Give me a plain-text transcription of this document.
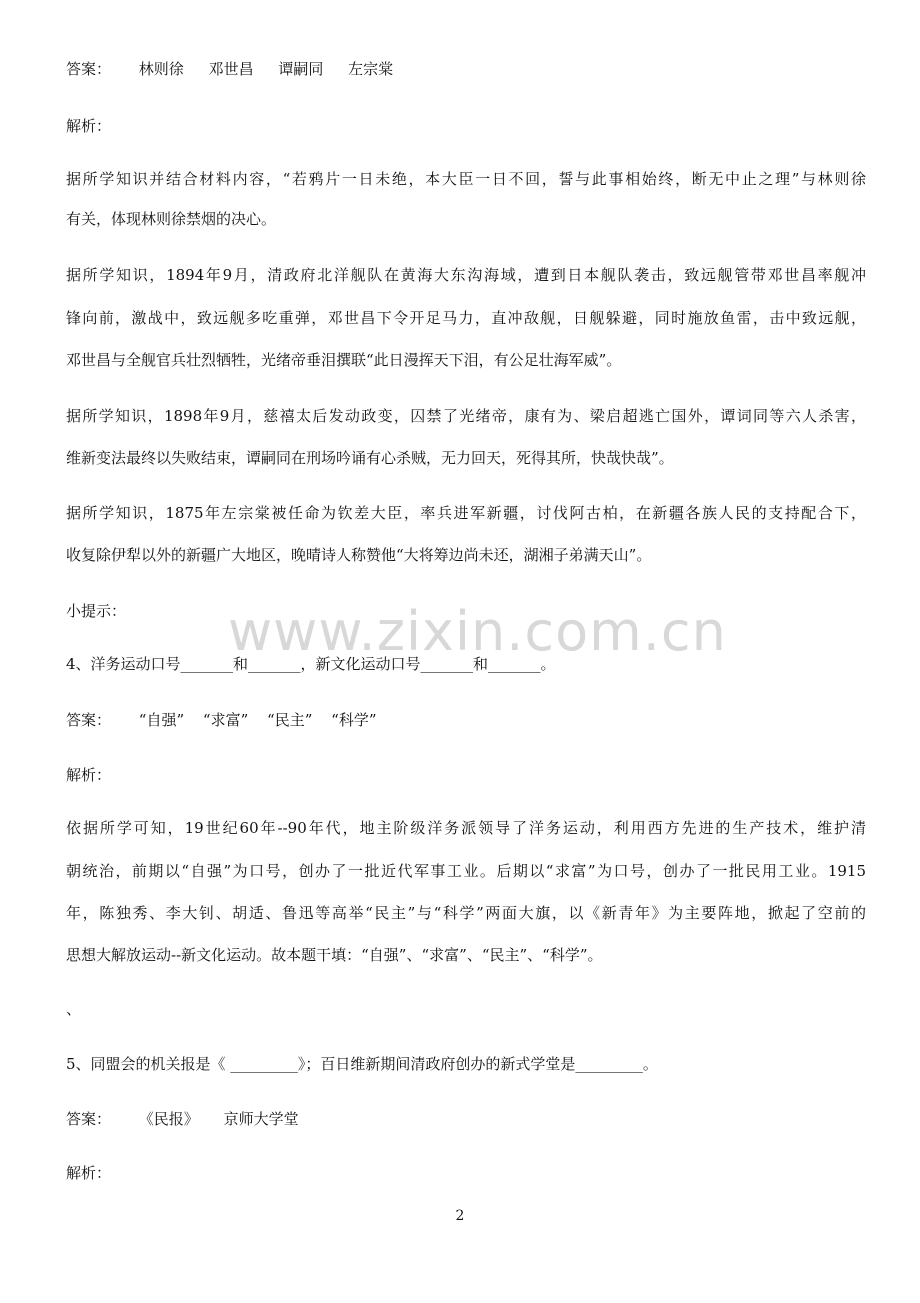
www.zixin.com.cn
答案： 林则徐 邓世昌 谭嗣同 左宗棠
解析：
据所学知识并结合材料内容，“若鸦片一日未绝，本大臣一日不回，誓与此事相始终，断无中止之理”与林则徐
有关，体现林则徐禁烟的决心。
据所学知识，1894年9月，清政府北洋舰队在黄海大东沟海域，遭到日本舰队袭击，致远舰管带邓世昌率舰冲
锋向前，激战中，致远舰多吃重弹，邓世昌下令开足马力，直冲敌舰，日舰躲避，同时施放鱼雷，击中致远舰，
邓世昌与全舰官兵壮烈牺牲，光绪帝垂泪撰联“此日漫挥天下泪，有公足壮海军威”。
据所学知识，1898年9月，慈禧太后发动政变，囚禁了光绪帝，康有为、梁启超逃亡国外，谭词同等六人杀害，
维新变法最终以失败结束，谭嗣同在刑场吟诵有心杀贼，无力回天，死得其所，快哉快哉”。
据所学知识，1875年左宗棠被任命为钦差大臣，率兵进军新疆，讨伐阿古柏，在新疆各族人民的支持配合下，
收复除伊犁以外的新疆广大地区，晚晴诗人称赞他“大将筹边尚未还，湖湘子弟满天山”。
小提示：
4、洋务运动口号_______和_______，新文化运动口号_______和_______。
答案： “自强” “求富” “民主” “科学”
解析：
依据所学可知，19世纪60年--90年代，地主阶级洋务派领导了洋务运动，利用西方先进的生产技术，维护清
朝统治，前期以“自强”为口号，创办了一批近代军事工业。后期以“求富”为口号，创办了一批民用工业。1915
年，陈独秀、李大钊、胡适、鲁迅等高举“民主”与“科学”两面大旗，以《新青年》为主要阵地，掀起了空前的
思想大解放运动--新文化运动。故本题干填：“自强”、“求富”、“民主”、“科学”。
、
5、同盟会的机关报是《 _________》；百日维新期间清政府创办的新式学堂是_________。
答案： 《民报》 京师大学堂
解析：
2
